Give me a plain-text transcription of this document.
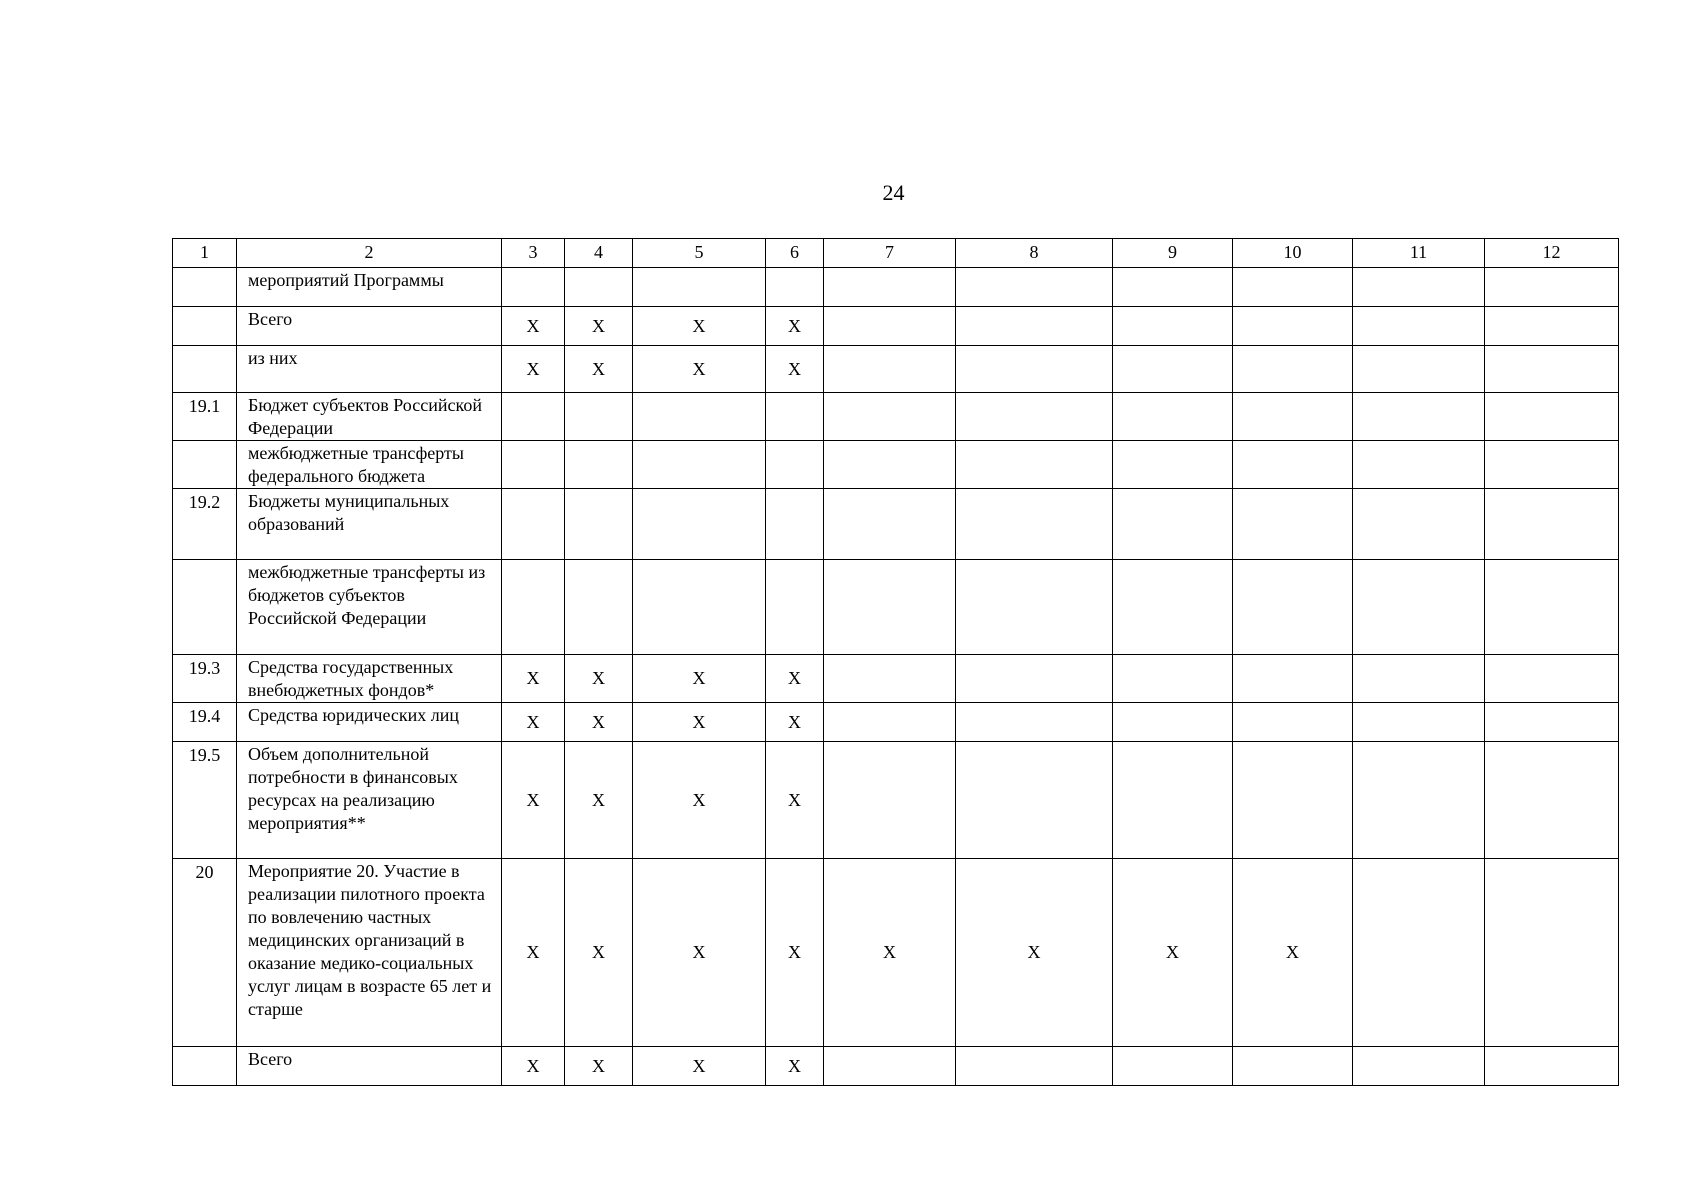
24
1	2	3	4	5	6	7	8	9	10	11	12
	мероприятий Программы										
	Всего	X	X	X	X						
	из них	X	X	X	X						
19.1	Бюджет субъектов Российской Федерации										
	межбюджетные трансферты федерального бюджета										
19.2	Бюджеты муниципальных образований										
	межбюджетные трансферты из бюджетов субъектов Российской Федерации										
19.3	Средства государственных внебюджетных фондов*	X	X	X	X						
19.4	Средства юридических лиц	X	X	X	X						
19.5	Объем дополнительной потребности в финансовых ресурсах на реализацию мероприятия**	X	X	X	X						
20	Мероприятие 20. Участие в реализации пилотного проекта по вовлечению частных медицинских организаций в оказание медико-социальных услуг лицам в возрасте 65 лет и старше	X	X	X	X	X	X	X	X		
	Всего	X	X	X	X						
